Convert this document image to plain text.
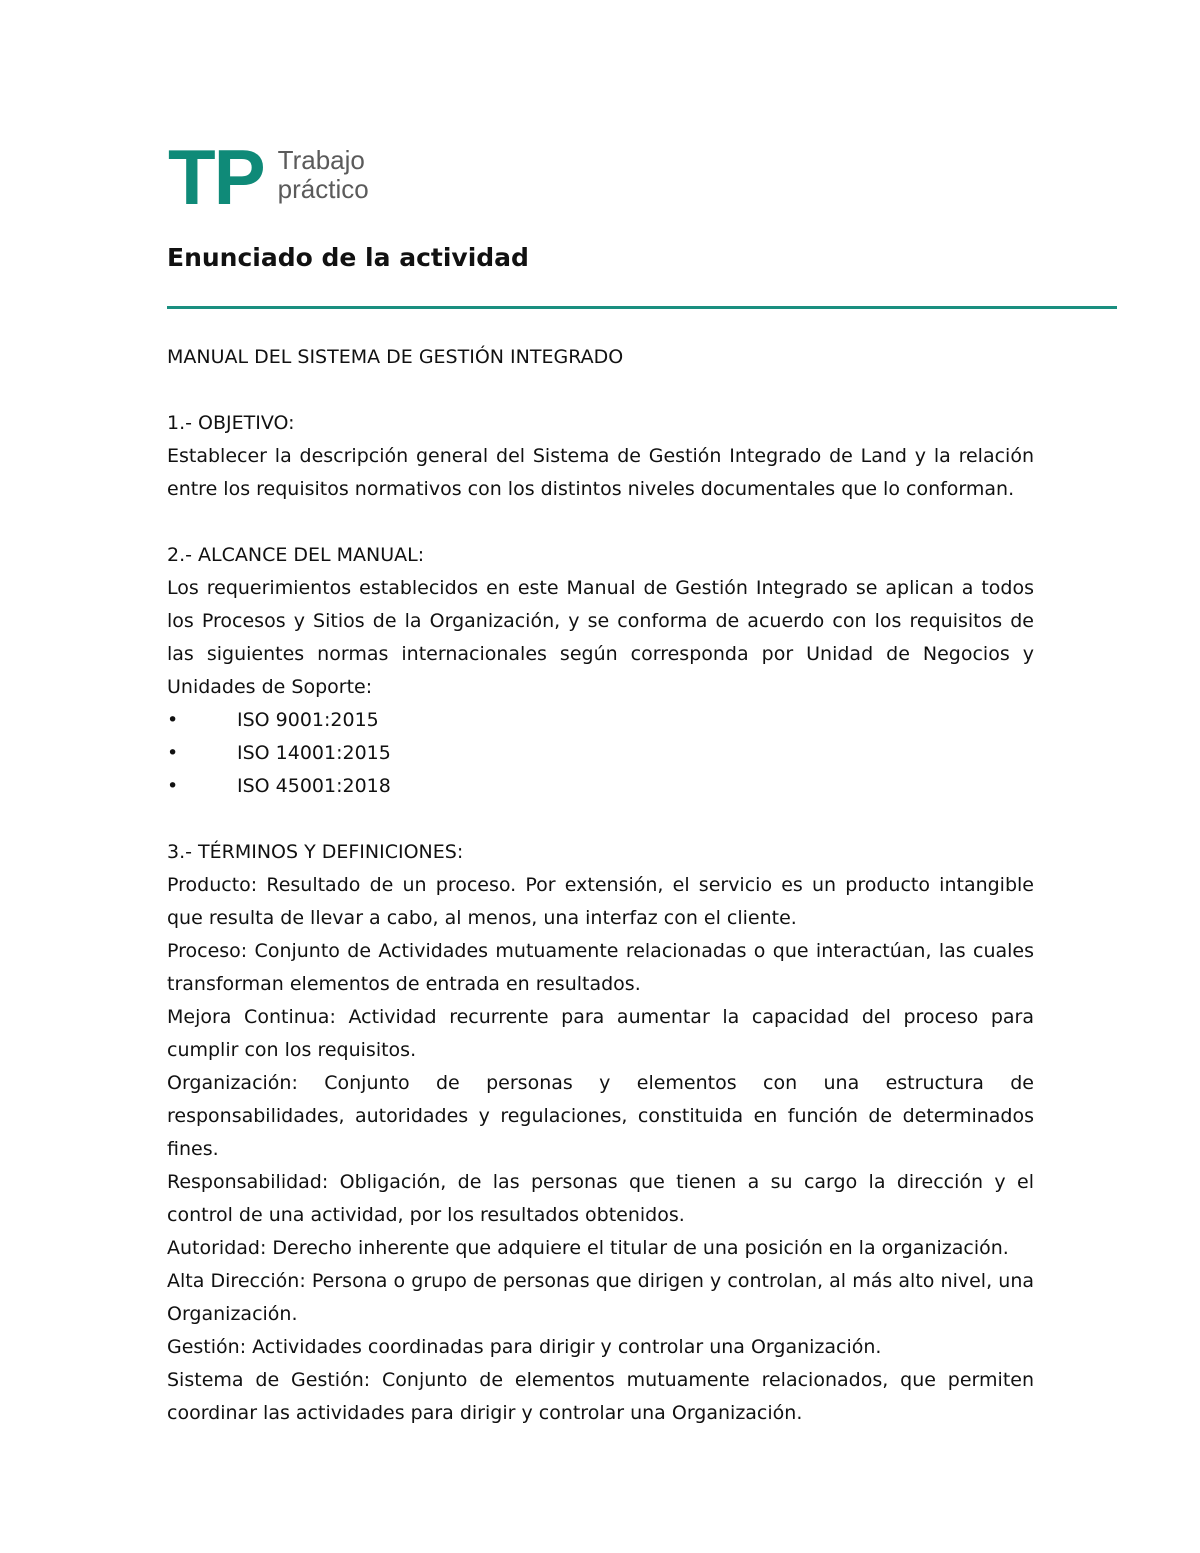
TP Trabajo
práctico
Enunciado de la actividad
MANUAL DEL SISTEMA DE GESTIÓN INTEGRADO
1.- OBJETIVO:
Establecer la descripción general del Sistema de Gestión Integrado de Land y la relación entre los requisitos normativos con los distintos niveles documentales que lo conforman.
2.- ALCANCE DEL MANUAL:
Los requerimientos establecidos en este Manual de Gestión Integrado se aplican a todos los Procesos y Sitios de la Organización, y se conforma de acuerdo con los requisitos de las siguientes normas internacionales según corresponda por Unidad de Negocios y Unidades de Soporte:
•	ISO 9001:2015
•	ISO 14001:2015
•	ISO 45001:2018
3.- TÉRMINOS Y DEFINICIONES:
Producto: Resultado de un proceso. Por extensión, el servicio es un producto intangible que resulta de llevar a cabo, al menos, una interfaz con el cliente.
Proceso: Conjunto de Actividades mutuamente relacionadas o que interactúan, las cuales transforman elementos de entrada en resultados.
Mejora Continua: Actividad recurrente para aumentar la capacidad del proceso para cumplir con los requisitos.
Organización: Conjunto de personas y elementos con una estructura de responsabilidades, autoridades y regulaciones, constituida en función de determinados fines.
Responsabilidad: Obligación, de las personas que tienen a su cargo la dirección y el control de una actividad, por los resultados obtenidos.
Autoridad: Derecho inherente que adquiere el titular de una posición en la organización.
Alta Dirección: Persona o grupo de personas que dirigen y controlan, al más alto nivel, una Organización.
Gestión: Actividades coordinadas para dirigir y controlar una Organización.
Sistema de Gestión: Conjunto de elementos mutuamente relacionados, que permiten coordinar las actividades para dirigir y controlar una Organización.
